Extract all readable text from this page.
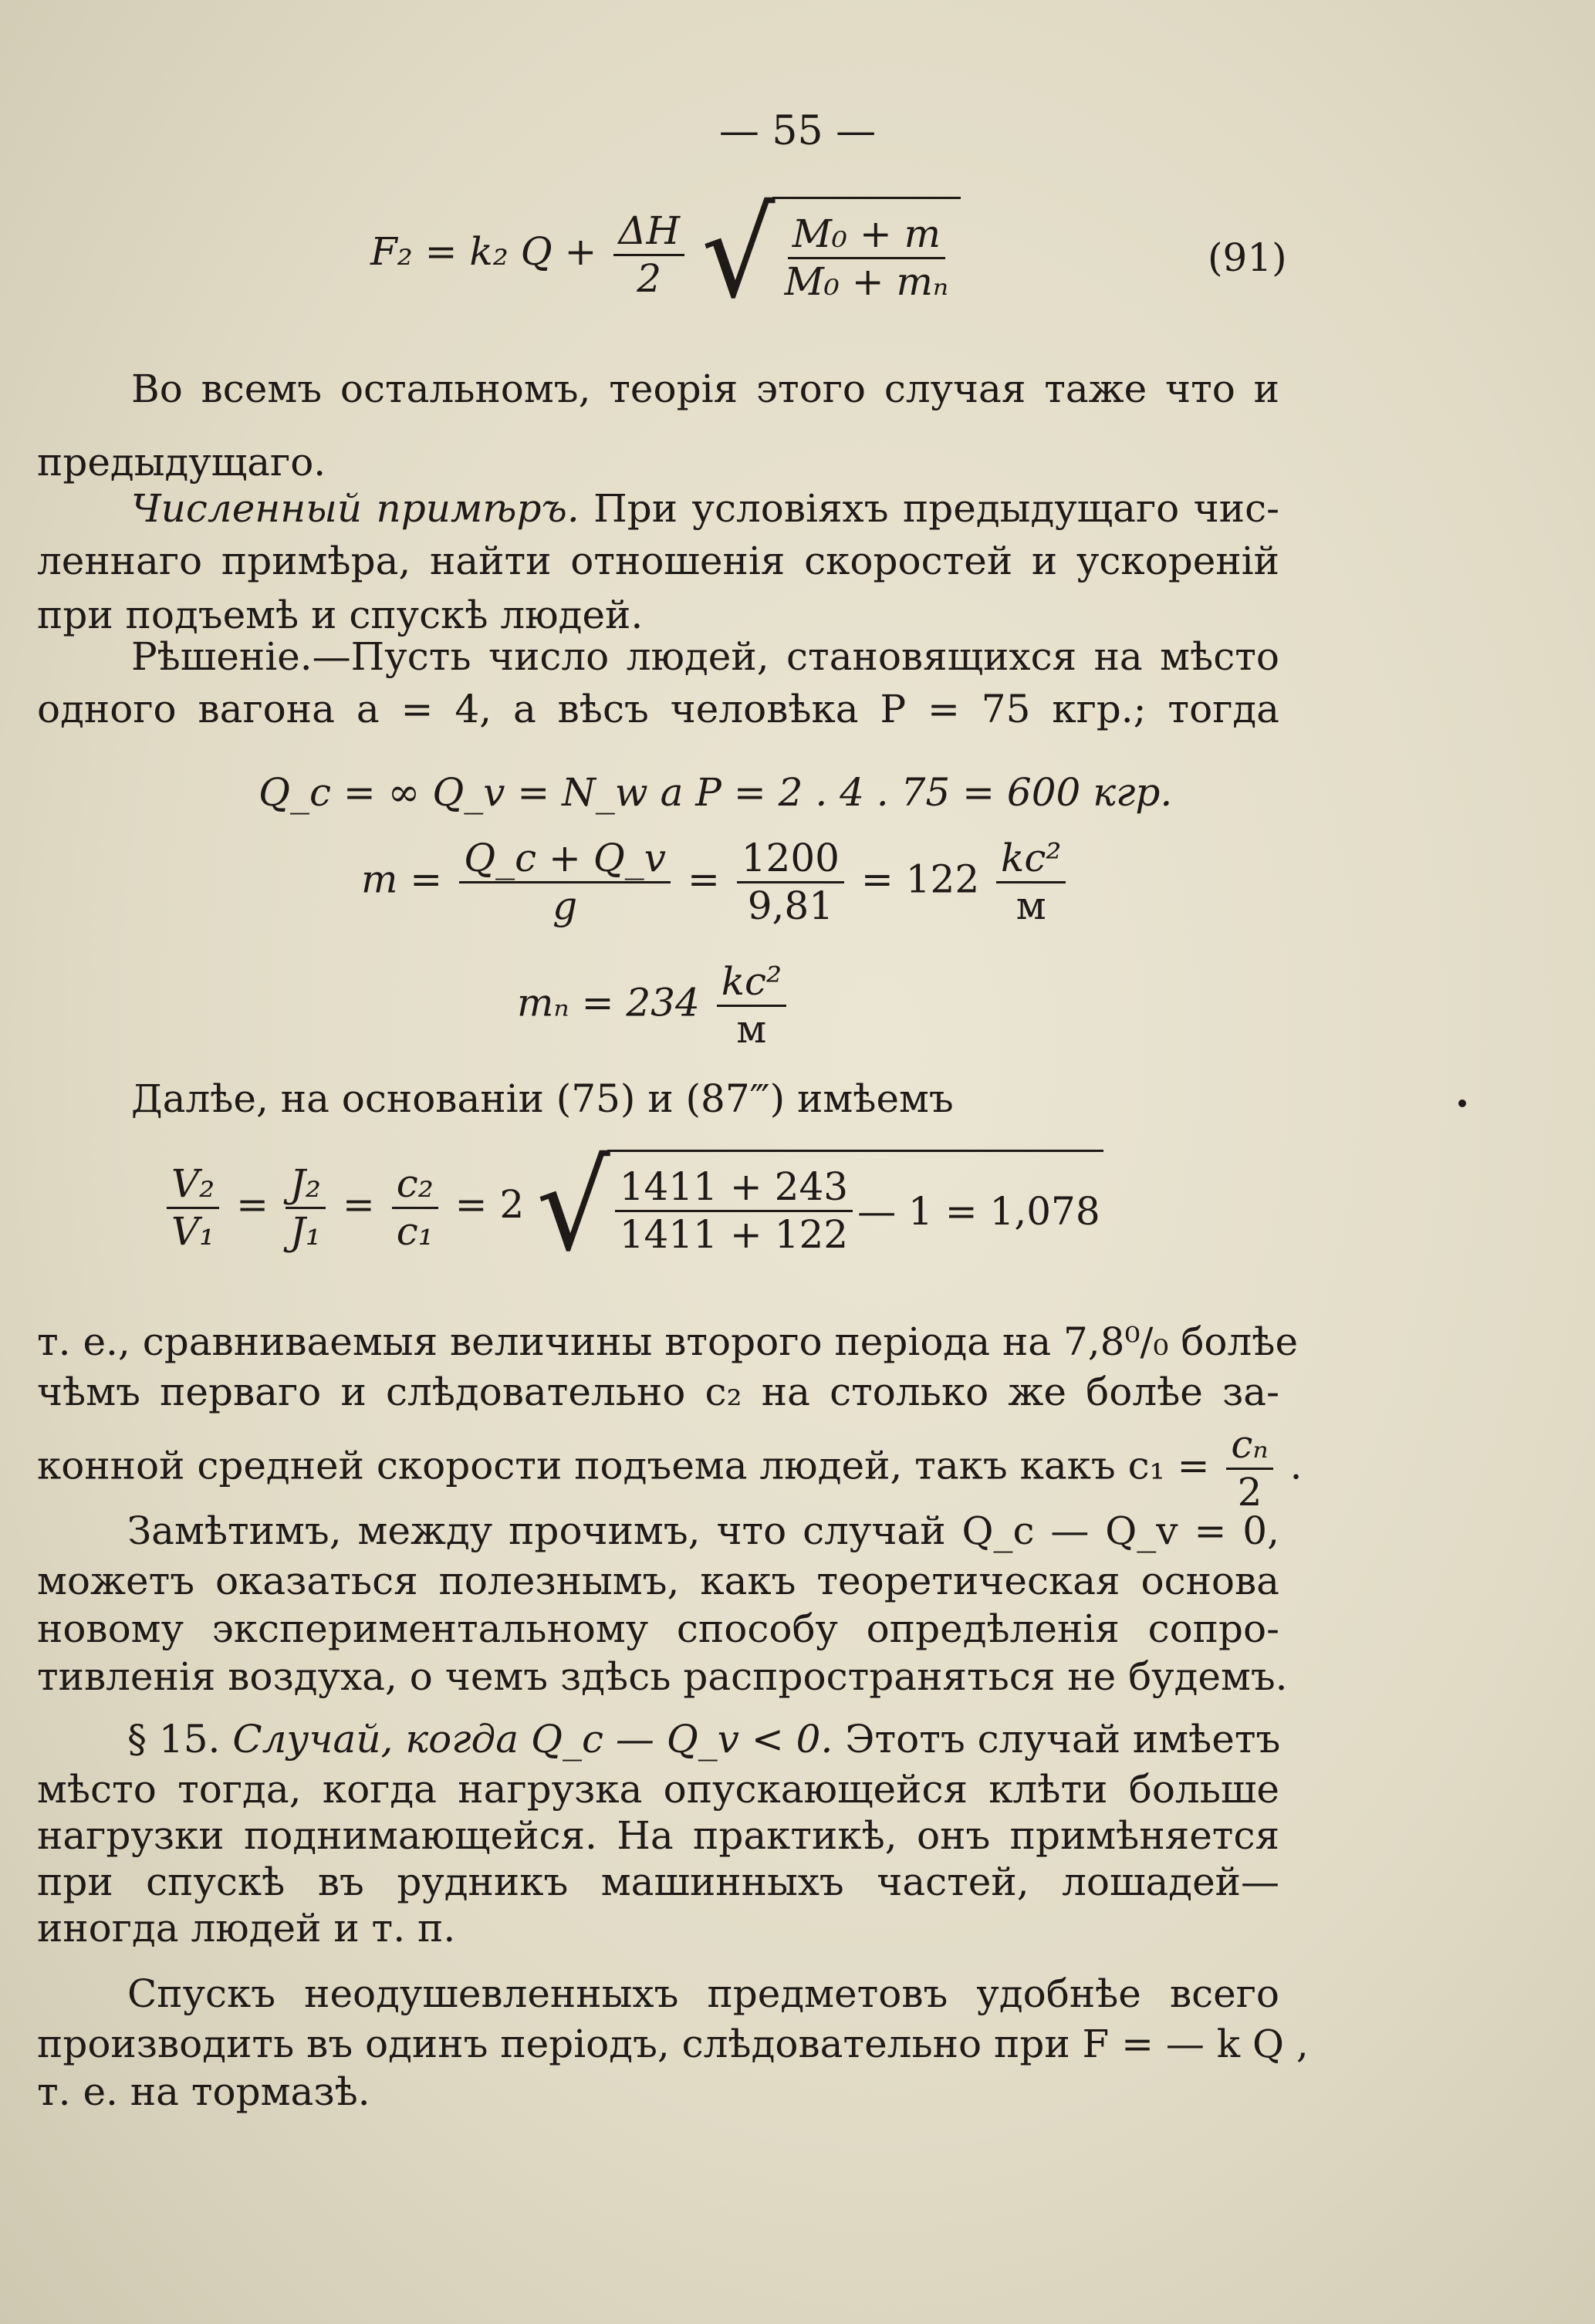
— 55 —
F₂ = k₂ $Q + \frac{\Delta H}{2}$
√ $\frac{\text{M₀ + m}}{\text{M₀ + mₙ}}$	(91)
Во всемъ остальномъ, теорія этого случая таже что и
предыдущаго.
Численный примѣръ. При условіяхъ предыдущаго чис-
леннаго примѣра, найти отношенія скоростей и ускореній
при подъемѣ и спускѣ людей.
Рѣшеніе.—Пусть число людей, становящихся на мѣсто
одного вагона a = 4, а вѣсъ человѣка P = 75 кгр.; тогда
Q_c = ∞ Q_v = N_w a P = 2 . 4 . 75 = 600 кгр.
$m = \frac{Q\_c + Q\_v}{g} = \frac{1200}{9,81} = 122 \frac{\text{kc²}}{м}$
$m_n = 234 \frac{\text{kc²}}{м}$
Далѣе, на основаніи (75) и (87‴) имѣемъ
$\frac{\text{V₂}}{\text{V₁}} = \frac{\text{J₂}}{\text{J₁}} = \frac{\text{c₂}}{\text{c₁}} = 2$ √ $\frac{1411 + 243}{1411 + 122}$ — 1 = 1,078
т. е., сравниваемыя величины второго періода на 7,8⁰/₀ болѣе
чѣмъ перваго и слѣдовательно c₂ на столько же болѣе за-
конной средней скорости подъема людей, такъ какъ $c_1 = \frac{\text{cₙ}}{2}$ .
Замѣтимъ, между прочимъ, что случай Q_c — Q_v = 0,
можетъ оказаться полезнымъ, какъ теоретическая основа
новому экспериментальному способу опредѣленія сопро-
тивленія воздуха, о чемъ здѣсь распространяться не будемъ.
§ 15. Случай, когда Q_c — Q_v < 0. Этотъ случай имѣетъ
мѣсто тогда, когда нагрузка опускающейся клѣти больше
нагрузки поднимающейся. На практикѣ, онъ примѣняется
при спускѣ въ рудникъ машинныхъ частей, лошадей—
иногда людей и т. п.
Спускъ неодушевленныхъ предметовъ удобнѣе всего
производить въ одинъ періодъ, слѣдовательно при F = — k Q ,
т. е. на тормазѣ.
